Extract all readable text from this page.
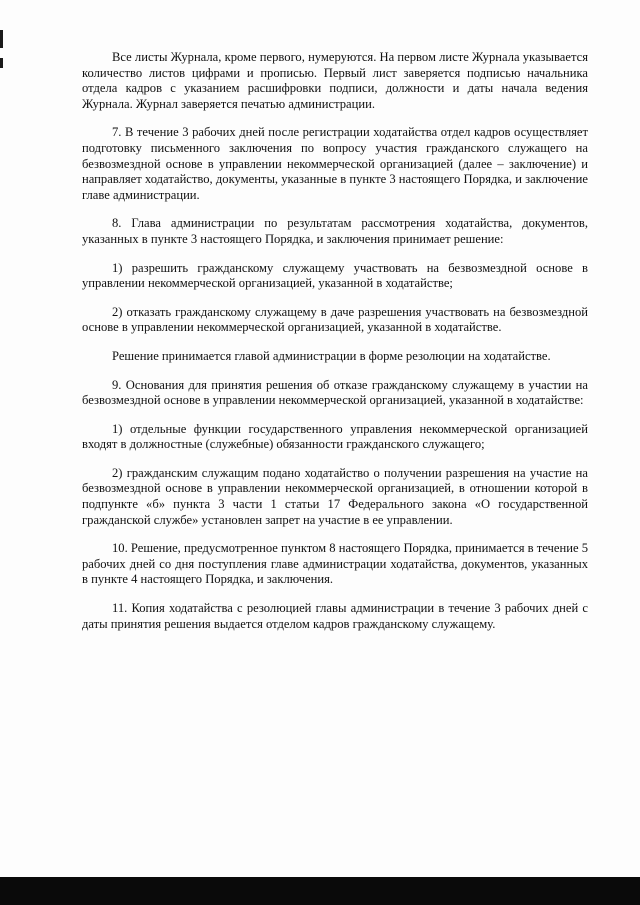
Все листы Журнала, кроме первого, нумеруются. На первом листе Журнала указывается количество листов цифрами и прописью. Первый лист заверяется подписью начальника отдела кадров с указанием расшифровки подписи, должности и даты начала ведения Журнала. Журнал заверяется печатью администрации.

7. В течение 3 рабочих дней после регистрации ходатайства отдел кадров осуществляет подготовку письменного заключения по вопросу участия гражданского служащего на безвозмездной основе в управлении некоммерческой организацией (далее – заключение) и направляет ходатайство, документы, указанные в пункте 3 настоящего Порядка, и заключение главе администрации.

8. Глава администрации по результатам рассмотрения ходатайства, документов, указанных в пункте 3 настоящего Порядка, и заключения принимает решение:

1) разрешить гражданскому служащему участвовать на безвозмездной основе в управлении некоммерческой организацией, указанной в ходатайстве;

2) отказать гражданскому служащему в даче разрешения участвовать на безвозмездной основе в управлении некоммерческой организацией, указанной в ходатайстве.

Решение принимается главой администрации в форме резолюции на ходатайстве.

9. Основания для принятия решения об отказе гражданскому служащему в участии на безвозмездной основе в управлении некоммерческой организацией, указанной в ходатайстве:

1) отдельные функции государственного управления некоммерческой организацией входят в должностные (служебные) обязанности гражданского служащего;

2) гражданским служащим подано ходатайство о получении разрешения на участие на безвозмездной основе в управлении некоммерческой организацией, в отношении которой в подпункте «б» пункта 3 части 1 статьи 17 Федерального закона «О государственной гражданской службе» установлен запрет на участие в ее управлении.

10. Решение, предусмотренное пунктом 8 настоящего Порядка, принимается в течение 5 рабочих дней со дня поступления главе администрации ходатайства, документов, указанных в пункте 4 настоящего Порядка, и заключения.

11. Копия ходатайства с резолюцией главы администрации в течение 3 рабочих дней с даты принятия решения выдается отделом кадров гражданскому служащему.
